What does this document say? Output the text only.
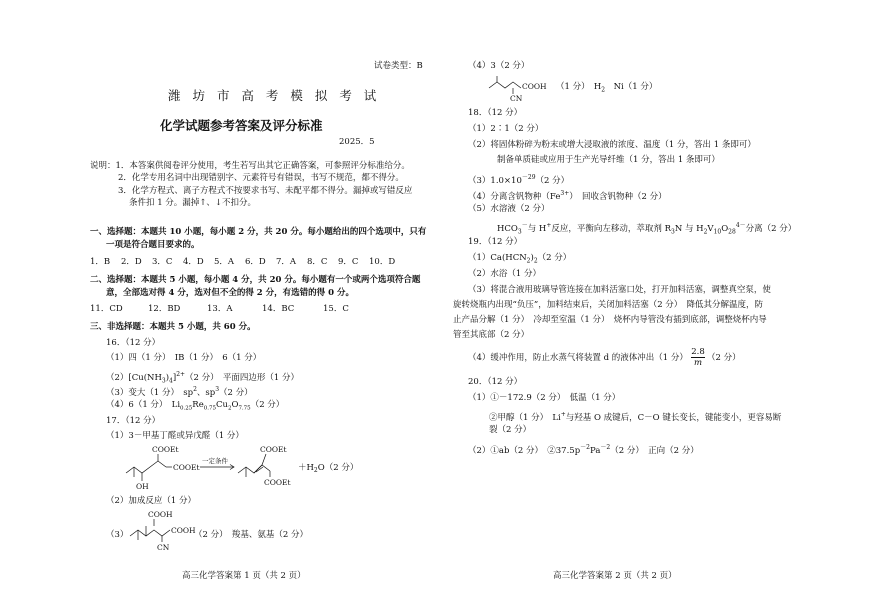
试卷类型：B
潍 坊 市 高 考 模 拟 考 试
化学试题参考答案及评分标准
2025．5
说明：1．本答案供阅卷评分使用，考生若写出其它正确答案，可参照评分标准给分。
2．化学专用名词中出现错别字、元素符号有错误，书写不规范，都不得分。
3．化学方程式、离子方程式不按要求书写、未配平都不得分。漏掉或写错反应
条件扣 1 分。漏掉↑、↓不扣分。
一、选择题：本题共 10 小题，每小题 2 分，共 20 分。每小题给出的四个选项中，只有
一项是符合题目要求的。
1．B 2．D 3．C 4．D 5．A 6．D 7．A 8．C 9．C 10．D
二、选择题：本题共 5 小题，每小题 4 分，共 20 分。每小题有一个或两个选项符合题
意，全部选对得 4 分，选对但不全的得 2 分，有选错的得 0 分。
11．CD	12．BD	13．A	14．BC	15．C
三、非选择题：本题共 5 小题，共 60 分。
16．（12 分）
（1）四（1 分）　IB（1 分）　6（1 分）
$(2)[Cu(NH_3)_4]^{2+}(2$ 分）　平面四边形（1 分）
（3）变大（1 分）　$sp^2$、$sp^3(2$ 分）
（4）6（1 分）　$Li_{0.25}Re_{0.75}Cu_2O_{7.75}(2$ 分）
17．（12 分）
（1）3－甲基丁醛或异戊醛（1 分）
COOEt
COOEt
OH
一定条件
COOEt
COOEt
$+H_2O(2$ 分）
（2）加成反应（1 分）
（3）
COOH
COOH
CN
（2 分）　羧基、氨基（2 分）
高三化学答案第 1 页（共 2 页）
（4）3（2 分）
COOH
CN
（1 分）　$H_2$　Ni（1 分）
18．（12 分）
（1）2∶1（2 分）
（2）将固体粉碎为粉末或增大浸取液的浓度、温度（1 分，答出 1 条即可）
制备单质硅或应用于生产光导纤维（1 分，答出 1 条即可）
$(3)1.0\times 10^{-29}(2$ 分）
（4）分离含钒物种$(Fe^{3+})$　回收含钒物种（2 分）
（5）水溶液（2 分）
$HCO_3^-$与 H+反应，平衡向左移动，萃取剂 $R_3N$ 与 $H_2V_{10}O_{28}^{4-}$分离（2 分）
19．（12 分）
$(1)Ca(HCN_2)_2(2$ 分）
（2）水浴（1 分）
（3）将混合液用玻璃导管连接在加料活塞口处，打开加料活塞，调整真空泵，使
旋转烧瓶内出现“负压”，加料结束后，关闭加料活塞（2 分）　降低其分解温度，防
止产品分解（1 分）　冷却至室温（1 分）　烧杯内导管没有插到底部，调整烧杯内导
管至其底部（2 分）
（4）缓冲作用，防止水蒸气将装置 d 的液体冲出（1 分） $\frac{2.8}{m} (2$ 分）
20．（12 分）
（1）①－172.9（2 分）　低温（1 分）
②甲醇（1 分）　Li+与羟基 O 成键后，C－O 键长变长，键能变小，更容易断
裂（2 分）
（2）①ab（2 分）　$②37.5p^{-2}Pa^{-2}(2$ 分）　正向（2 分）
高三化学答案第 2 页（共 2 页）
